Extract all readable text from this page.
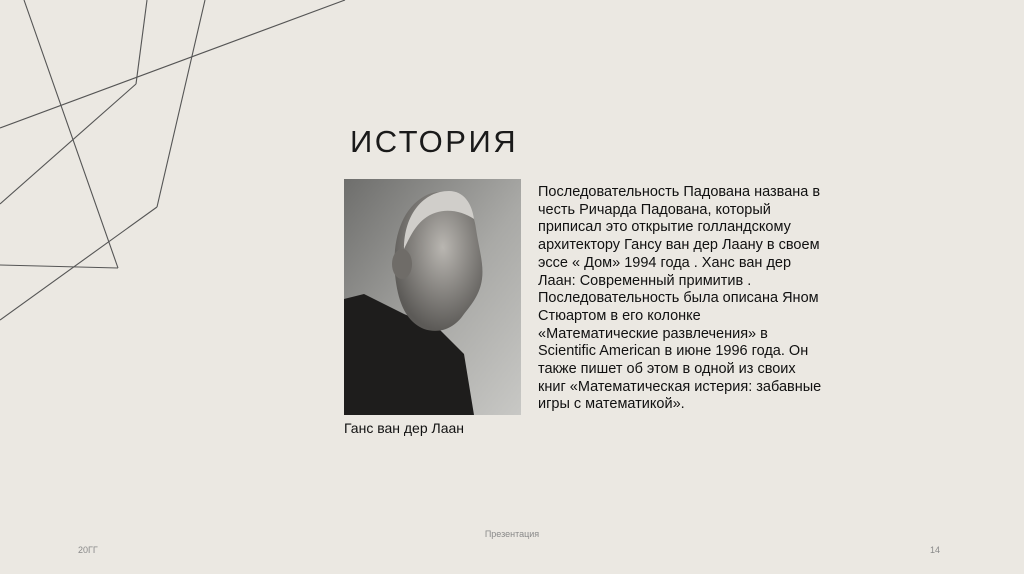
ИСТОРИЯ
Ганс ван дер Лаан
Последовательность Падована названа в
честь Ричарда Падована, который
приписал это открытие голландскому
архитектору Гансу ван дер Лаану в своем
эссе « Дом» 1994 года . Ханс ван дер
Лаан: Современный примитив .
Последовательность была описана Яном
Стюартом в его колонке
«Математические развлечения» в
Scientific American в июне 1996 года. Он
также пишет об этом в одной из своих
книг «Математическая истерия: забавные
игры с математикой».
Презентация
20ГГ	14
